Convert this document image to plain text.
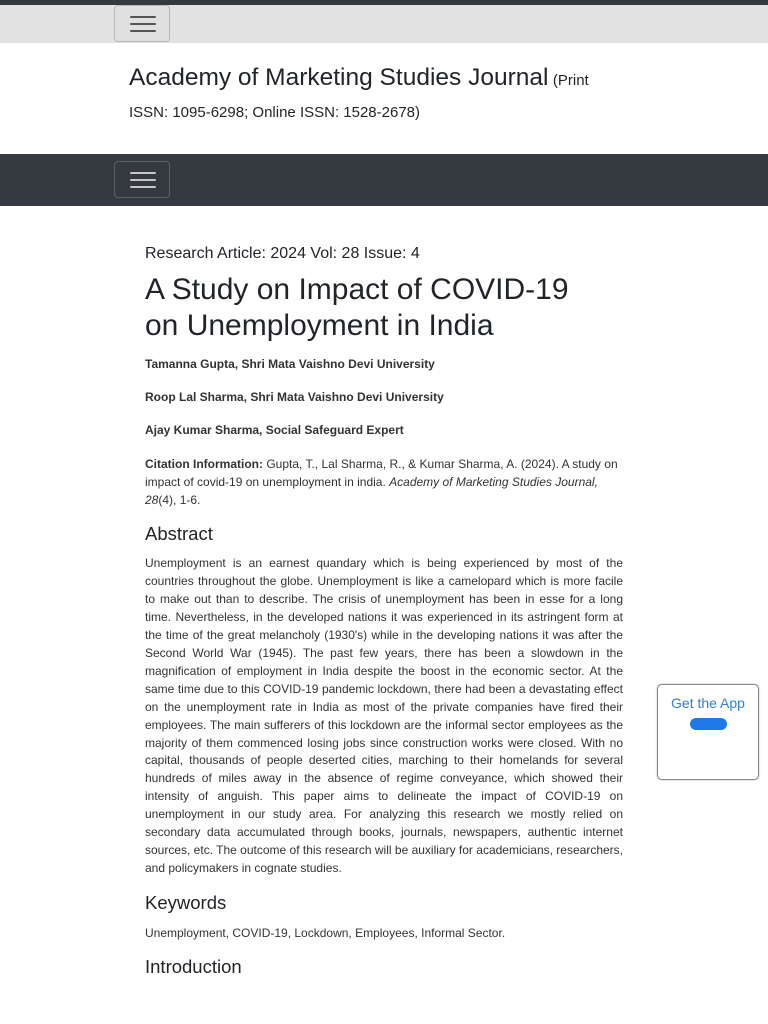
Academy of Marketing Studies Journal (Print
ISSN: 1095-6298; Online ISSN: 1528-2678)
Research Article: 2024 Vol: 28 Issue: 4
A Study on Impact of COVID-19
on Unemployment in India
Tamanna Gupta, Shri Mata Vaishno Devi University
Roop Lal Sharma, Shri Mata Vaishno Devi University
Ajay Kumar Sharma, Social Safeguard Expert
Citation Information: Gupta, T., Lal Sharma, R., & Kumar Sharma, A. (2024). A study on impact of covid-19 on unemployment in india. Academy of Marketing Studies Journal, 28(4), 1-6.
Abstract

Unemployment is an earnest quandary which is being experienced by most of the countries throughout the globe. Unemployment is like a camelopard which is more facile to make out than to describe. The crisis of unemployment has been in esse for a long time. Nevertheless, in the developed nations it was experienced in its astringent form at the time of the great melancholy (1930's) while in the developing nations it was after the Second World War (1945). The past few years, there has been a slowdown in the magnification of employment in India despite the boost in the economic sector. At the same time due to this COVID-19 pandemic lockdown, there had been a devastating effect on the unemployment rate in India as most of the private companies have fired their employees. The main sufferers of this lockdown are the informal sector employees as the majority of them commenced losing jobs since construction works were closed. With no capital, thousands of people deserted cities, marching to their homelands for several hundreds of miles away in the absence of regime conveyance, which showed their intensity of anguish. This paper aims to delineate the impact of COVID-19 on unemployment in our study area. For analyzing this research we mostly relied on secondary data accumulated through books, journals, newspapers, authentic internet sources, etc. The outcome of this research will be auxiliary for academicians, researchers, and policymakers in cognate studies.

Keywords

Unemployment, COVID-19, Lockdown, Employees, Informal Sector.

Introduction
Get the App
